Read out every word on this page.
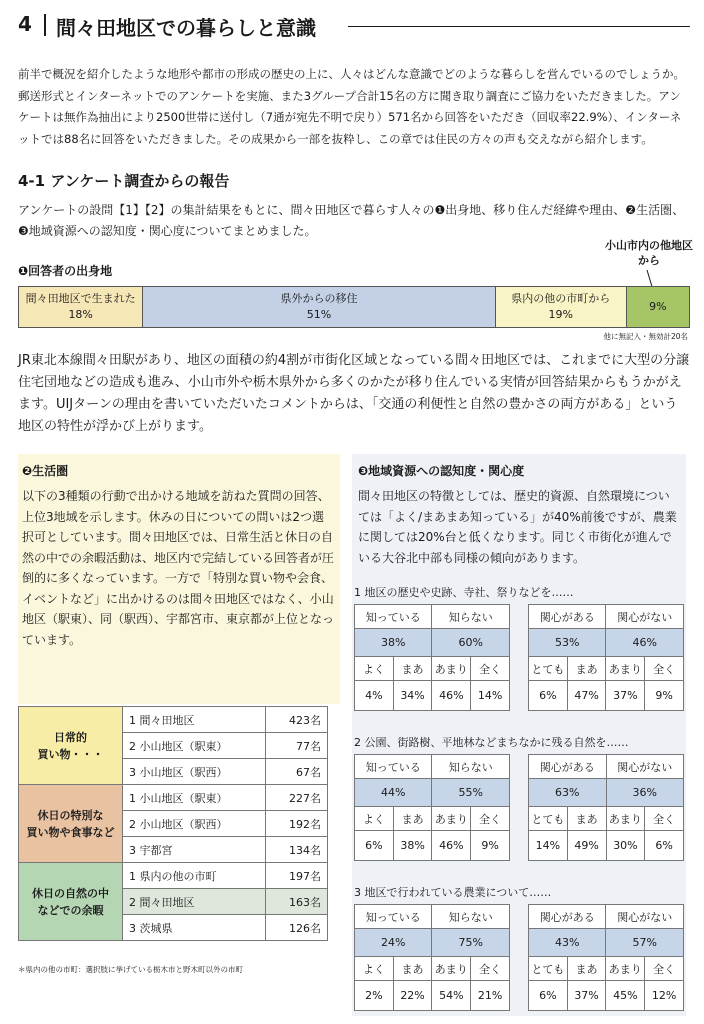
4 間々田地区での暮らしと意識
前半で概況を紹介したような地形や都市の形成の歴史の上に、人々はどんな意識でどのような暮らしを営んでいるのでしょうか。郵送形式とインターネットでのアンケートを実施、また3グループ合計15名の方に聞き取り調査にご協力をいただきました。アンケートは無作為抽出により2500世帯に送付し（7通が宛先不明で戻り）571名から回答をいただき（回収率22.9%）、インターネットでは88名に回答をいただきました。その成果から一部を抜粋し、この章では住民の方々の声も交えながら紹介します。
4-1 アンケート調査からの報告
アンケートの設問【1】【2】の集計結果をもとに、間々田地区で暮らす人々の❶出身地、移り住んだ経緯や理由、❷生活圏、❸地域資源への認知度・関心度についてまとめました。
❶回答者の出身地
小山市内の他地区から
間々田地区で生まれた
18%
県外からの移住
51%
県内の他の市町から
19%
9%
他に無記入・無効計20名
JR東北本線間々田駅があり、地区の面積の約4割が市街化区域となっている間々田地区では、これまでに大型の分譲住宅団地などの造成も進み、小山市外や栃木県外から多くのかたが移り住んでいる実情が回答結果からもうかがえます。UIJターンの理由を書いていただいたコメントからは、「交通の利便性と自然の豊かさの両方がある」という地区の特性が浮かび上がります。
❷生活圏
以下の3種類の行動で出かける地域を訪ねた質問の回答、上位3地域を示します。休みの日についての問いは2つ選択可としています。間々田地区では、日常生活と休日の自然の中での余暇活動は、地区内で完結している回答者が圧倒的に多くなっています。一方で「特別な買い物や会食、イベントなど」に出かけるのは間々田地区ではなく、小山地区（駅東）、同（駅西）、宇都宮市、東京都が上位となっています。
日常的
買い物・・・	1 間々田地区	423名
	2 小山地区（駅東）	77名
	3 小山地区（駅西）	67名
休日の特別な
買い物や食事など	1 小山地区（駅東）	227名
	2 小山地区（駅西）	192名
	3 宇都宮	134名
休日の自然の中
などでの余暇	1 県内の他の市町	197名
	2 間々田地区	163名
	3 茨城県	126名
＊県内の他の市町：選択肢に挙げている栃木市と野木町以外の市町
❸地域資源への認知度・関心度
間々田地区の特徴としては、歴史的資源、自然環境については「よく/まあまあ知っている」が40%前後ですが、農業に関しては20%台と低くなります。同じく市街化が進んでいる大谷北中部も同様の傾向があります。
1 地区の歴史や史跡、寺社、祭りなどを……
知っている		知らない	
38%		60%	
よく	まあ	あまり	全く
4%	34%	46%	14%
関心がある		関心がない	
53%		46%	
とても	まあ	あまり	全く
6%	47%	37%	9%
2 公園、街路樹、平地林などまちなかに残る自然を……
知っている		知らない	
44%		55%	
よく	まあ	あまり	全く
6%	38%	46%	9%
関心がある		関心がない	
63%		36%	
とても	まあ	あまり	全く
14%	49%	30%	6%
3 地区で行われている農業について……
知っている		知らない	
24%		75%	
よく	まあ	あまり	全く
2%	22%	54%	21%
関心がある		関心がない	
43%		57%	
とても	まあ	あまり	全く
6%	37%	45%	12%
